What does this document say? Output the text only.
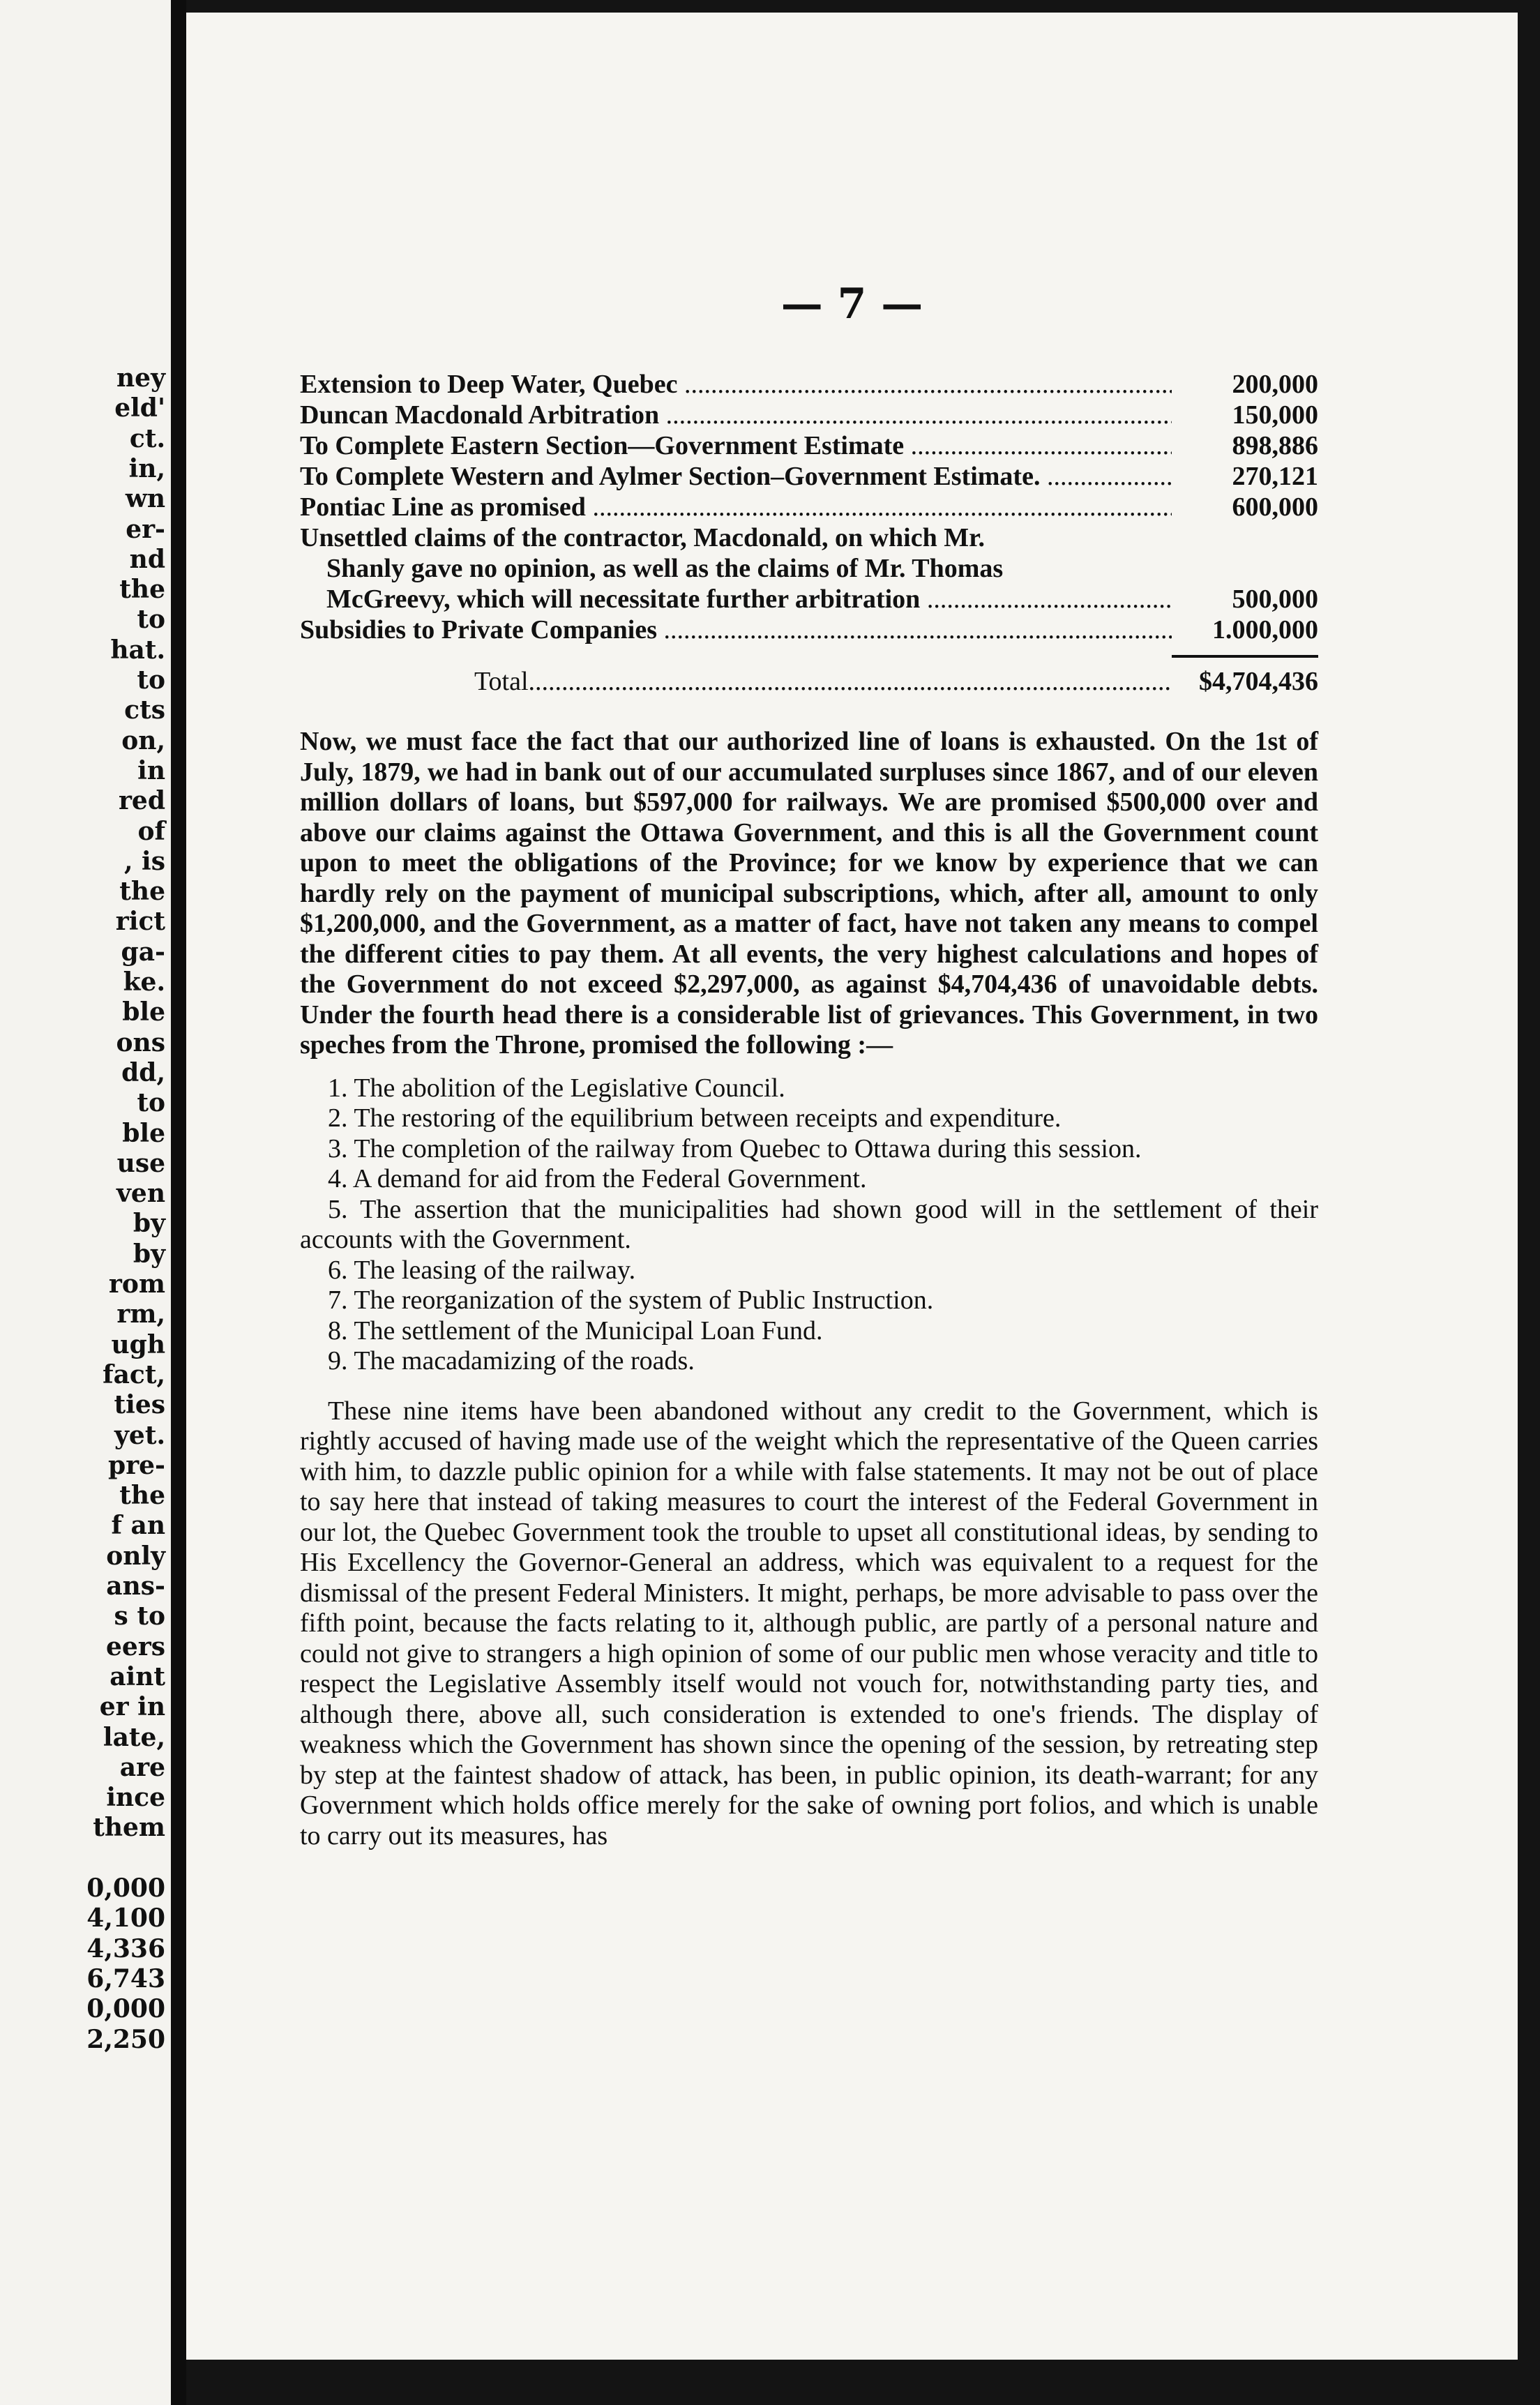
ney
eld'
ct.
in,
wn
er-
nd
the
to
hat.
to
cts
on,
in
red
of
, is
the
rict
ga-
ke.
ble
ons
dd,
to
ble
use
ven
by
by
rom
rm,
ugh
fact,
ties
yet.
pre-
the
f an
only
ans-
s to
eers
aint
er in
late,
are
ince
them
0,000
4,100
4,336
6,743
0,000
2,250
— 7 —
Extension to Deep Water, Quebec .....	200,000
Duncan Macdonald Arbitration .....	150,000
To Complete Eastern Section—Government Estimate .....	898,886
To Complete Western and Aylmer Section–Government Estimate. .....	270,121
Pontiac Line as promised .....	600,000
Unsettled claims of the contractor, Macdonald, on which Mr.
Shanly gave no opinion, as well as the claims of Mr. Thomas
McGreevy, which will necessitate further arbitration .....	500,000
Subsidies to Private Companies .....	1.000,000
Total .....	$4,704,436

Now, we must face the fact that our authorized line of loans is exhausted. On the 1st of July, 1879, we had in bank out of our accumulated surpluses since 1867, and of our eleven million dollars of loans, but $597,000 for railways. We are promised $500,000 over and above our claims against the Ottawa Government, and this is all the Government count upon to meet the obligations of the Province; for we know by experience that we can hardly rely on the payment of municipal subscriptions, which, after all, amount to only $1,200,000, and the Government, as a matter of fact, have not taken any means to compel the different cities to pay them. At all events, the very highest calculations and hopes of the Government do not exceed $2,297,000, as against $4,704,436 of unavoidable debts. Under the fourth head there is a considerable list of grievances. This Government, in two speches from the Throne, promised the following :—

1. The abolition of the Legislative Council.

2. The restoring of the equilibrium between receipts and expenditure.

3. The completion of the railway from Quebec to Ottawa during this session.

4. A demand for aid from the Federal Government.

5. The assertion that the municipalities had shown good will in the settlement of their accounts with the Government.

6. The leasing of the railway.

7. The reorganization of the system of Public Instruction.

8. The settlement of the Municipal Loan Fund.

9. The macadamizing of the roads.

These nine items have been abandoned without any credit to the Government, which is rightly accused of having made use of the weight which the representative of the Queen carries with him, to dazzle public opinion for a while with false statements. It may not be out of place to say here that instead of taking measures to court the interest of the Federal Government in our lot, the Quebec Government took the trouble to upset all constitutional ideas, by sending to His Excellency the Governor-General an address, which was equivalent to a request for the dismissal of the present Federal Ministers. It might, perhaps, be more advisable to pass over the fifth point, because the facts relating to it, although public, are partly of a personal nature and could not give to strangers a high opinion of some of our public men whose veracity and title to respect the Legislative Assembly itself would not vouch for, notwithstanding party ties, and although there, above all, such consideration is extended to one's friends. The display of weakness which the Government has shown since the opening of the session, by retreating step by step at the faintest shadow of attack, has been, in public opinion, its death-warrant; for any Government which holds office merely for the sake of owning port folios, and which is unable to carry out its measures, has
